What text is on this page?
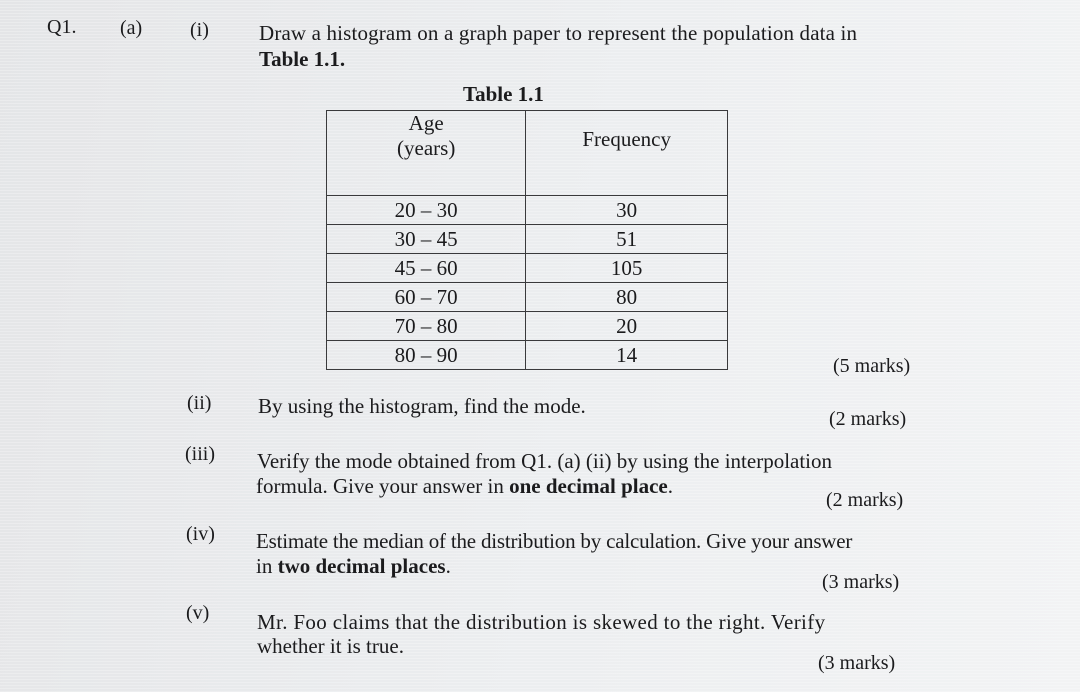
Q1. (a) (i) Draw a histogram on a graph paper to represent the population data in
Table 1.1.
Table 1.1
Age
(years)	Frequency
20 – 30	30
30 – 45	51
45 – 60	105
60 – 70	80
70 – 80	20
80 – 90	14	(5 marks)
(ii) By using the histogram, find the mode.
(2 marks)
(iii) Verify the mode obtained from Q1. (a) (ii) by using the interpolation
formula. Give your answer in one decimal place.
(2 marks)
(iv) Estimate the median of the distribution by calculation. Give your answer
in two decimal places.
(3 marks)
(v) Mr. Foo claims that the distribution is skewed to the right. Verify
whether it is true.
(3 marks)
